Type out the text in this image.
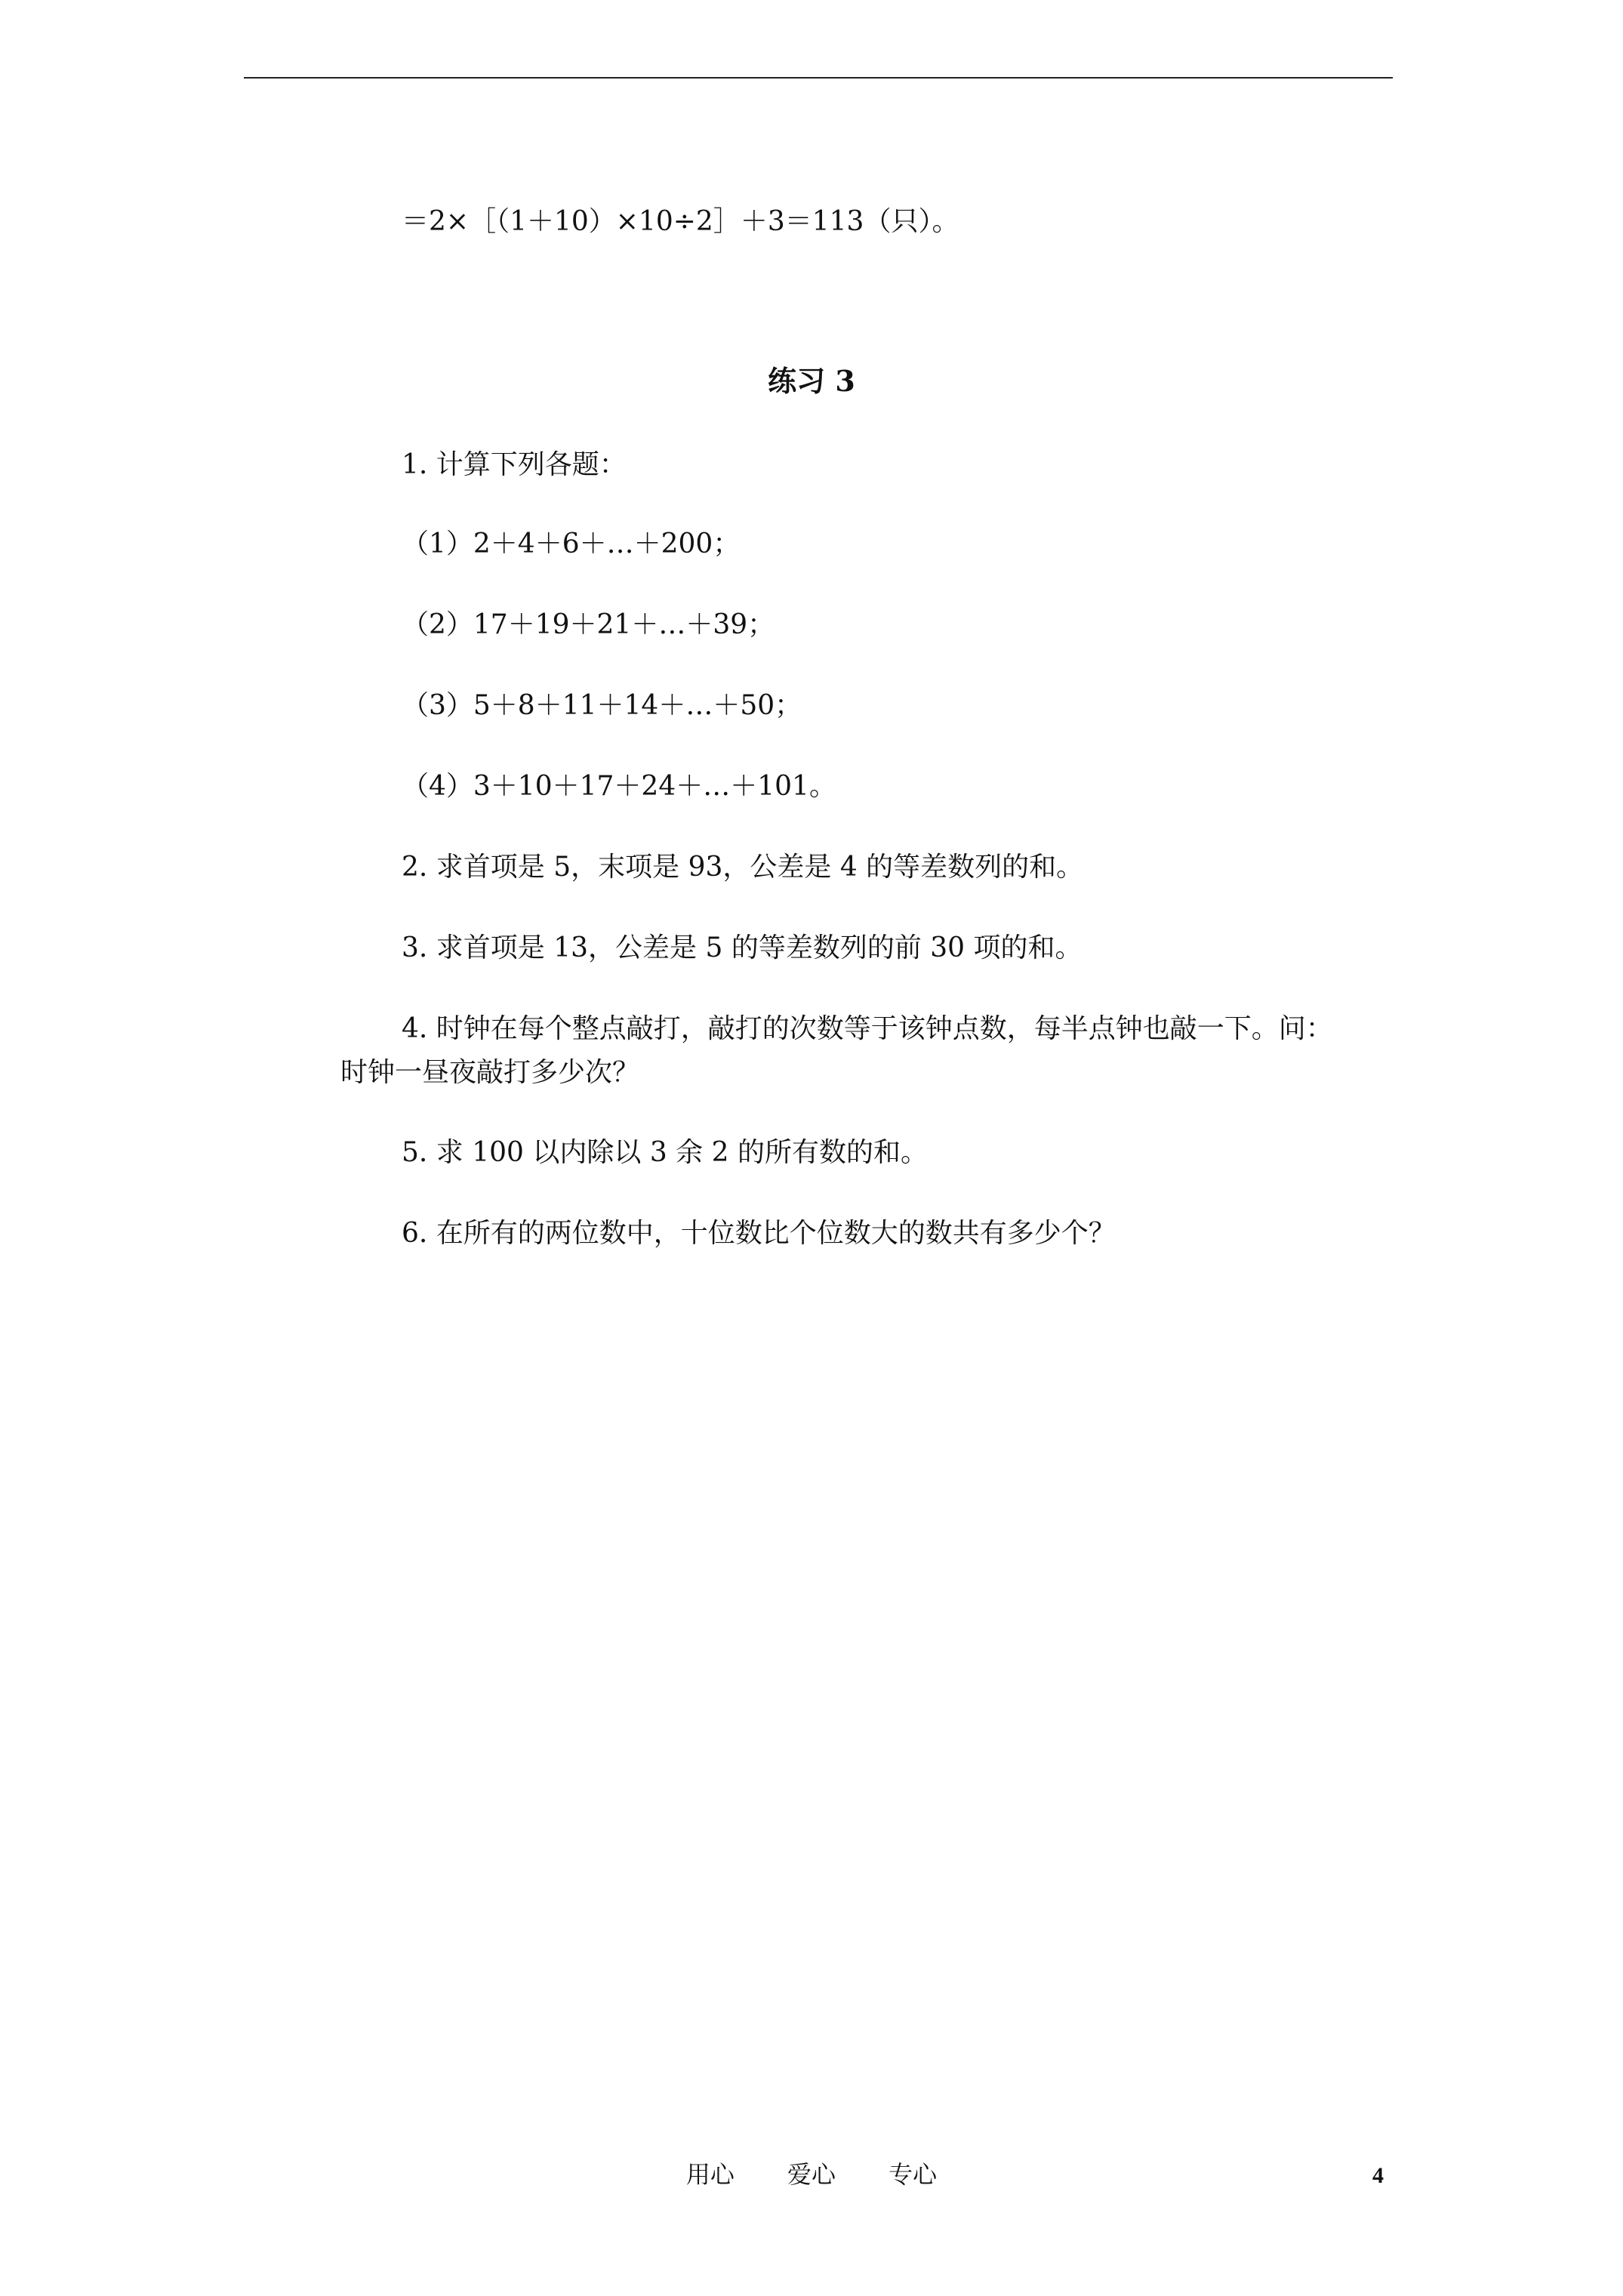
＝2×［（1＋10）×10÷2］＋3＝113（只）。
练习 3
1. 计算下列各题：
（1）2＋4＋6＋…＋200；
（2）17＋19＋21＋…＋39；
（3）5＋8＋11＋14＋…＋50；
（4）3＋10＋17＋24＋…＋101。
2. 求首项是 5，末项是 93，公差是 4 的等差数列的和。
3. 求首项是 13，公差是 5 的等差数列的前 30 项的和。
4. 时钟在每个整点敲打，敲打的次数等于该钟点数，每半点钟也敲一下。问：
时钟一昼夜敲打多少次？
5. 求 100 以内除以 3 余 2 的所有数的和。
6. 在所有的两位数中，十位数比个位数大的数共有多少个？
用心 爱心 专心	4
